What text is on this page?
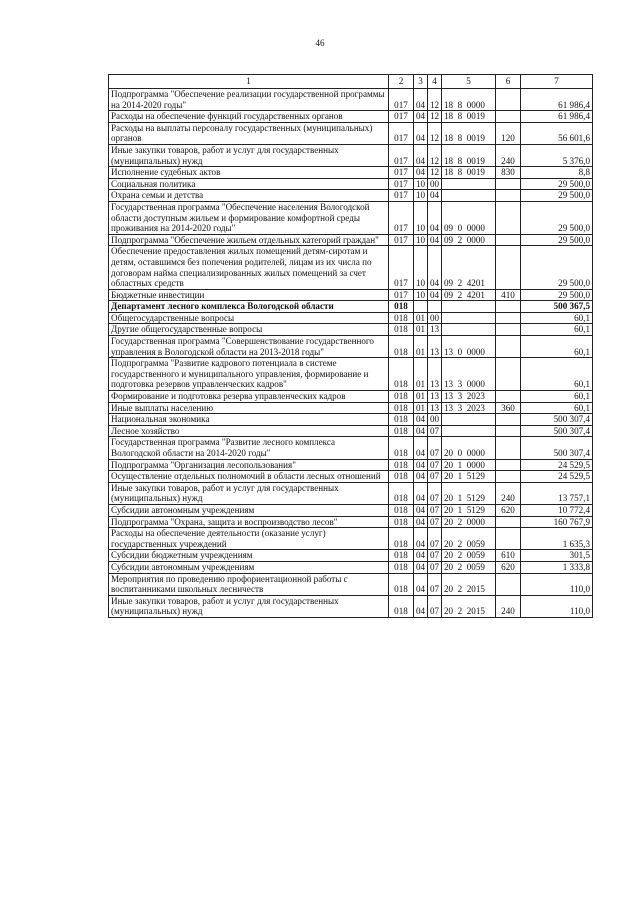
46
1	2	3	4	5	6	7
Подпрограмма "Обеспечение реализации государственной программы на 2014-2020 годы"	017	04	12	18  8  0000		61 986,4
Расходы на обеспечение функций государственных органов	017	04	12	18  8  0019		61 986,4
Расходы на выплаты персоналу государственных (муниципальных) органов	017	04	12	18  8  0019	120	56 601,6
Иные закупки товаров, работ и услуг для государственных (муниципальных) нужд	017	04	12	18  8  0019	240	5 376,0
Исполнение судебных актов	017	04	12	18  8  0019	830	8,8
Социальная политика	017	10	00			29 500,0
Охрана семьи и детства	017	10	04			29 500,0
Государственная программа "Обеспечение населения Вологодской области доступным жильем и формирование комфортной среды проживания на 2014-2020 годы"	017	10	04	09  0  0000		29 500,0
Подпрограмма "Обеспечение жильем отдельных категорий граждан"	017	10	04	09  2  0000		29 500,0
Обеспечение предоставления жилых помещений детям-сиротам и детям, оставшимся без попечения родителей, лицам из их числа по договорам найма специализированных жилых помещений за счет областных средств	017	10	04	09  2  4201		29 500,0
Бюджетные инвестиции	017	10	04	09  2  4201	410	29 500,0
Департамент лесного комплекса Вологодской области	018					500 367,5
Общегосударственные вопросы	018	01	00			60,1
Другие общегосударственные вопросы	018	01	13			60,1
Государственная программа "Совершенствование государственного управления в Вологодской области на 2013-2018 годы"	018	01	13	13  0  0000		60,1
Подпрограмма "Развитие кадрового потенциала в системе государственного и муниципального управления, формирование и подготовка резервов управленческих кадров"	018	01	13	13  3  0000		60,1
Формирование и подготовка резерва управленческих кадров	018	01	13	13  3  2023		60,1
Иные выплаты населению	018	01	13	13  3  2023	360	60,1
Национальная экономика	018	04	00			500 307,4
Лесное хозяйство	018	04	07			500 307,4
Государственная программа "Развитие лесного комплекса Вологодской области на 2014-2020 годы"	018	04	07	20  0  0000		500 307,4
Подпрограмма "Организация лесопользования"	018	04	07	20  1  0000		24 529,5
Осуществление отдельных полномочий в области лесных отношений	018	04	07	20  1  5129		24 529,5
Иные закупки товаров, работ и услуг для государственных (муниципальных) нужд	018	04	07	20  1  5129	240	13 757,1
Субсидии автономным учреждениям	018	04	07	20  1  5129	620	10 772,4
Подпрограмма "Охрана, защита и воспроизводство лесов"	018	04	07	20  2  0000		160 767,9
Расходы на обеспечение деятельности (оказание услуг) государственных учреждений	018	04	07	20  2  0059		1 635,3
Субсидии бюджетным учреждениям	018	04	07	20  2  0059	610	301,5
Субсидии автономным учреждениям	018	04	07	20  2  0059	620	1 333,8
Мероприятия по проведению профориентационной работы с воспитанниками школьных лесничеств	018	04	07	20  2  2015		110,0
Иные закупки товаров, работ и услуг для государственных (муниципальных) нужд	018	04	07	20  2  2015	240	110,0
